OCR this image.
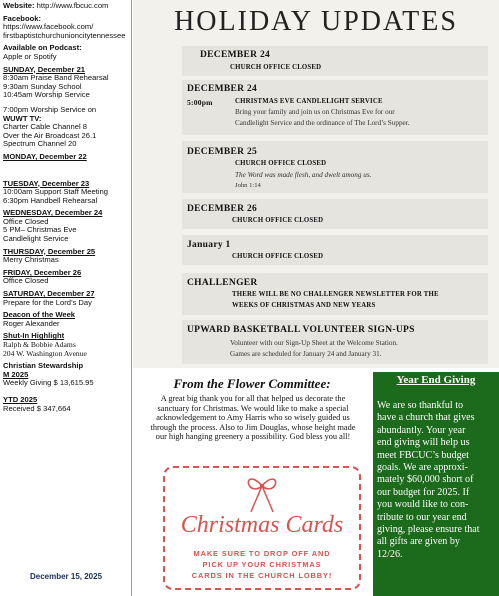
Website: http://www.fbcuc.com
Facebook:
https://www.facebook.com/
firstbaptistchurchunioncitytennessee
Available on Podcast:
Apple or Spotify
SUNDAY, December 21
8:30am Praise Band Rehearsal
9:30am Sunday School
10:45am Worship Service
7:00pm Worship Service on
WUWT TV:
Charter Cable Channel 8
Over the Air Broadcast 26.1
Spectrum Channel 20
MONDAY, December 22
TUESDAY, December 23
10:00am Support Staff Meeting
6:30pm Handbell Rehearsal
WEDNESDAY, December 24
Office Closed
5 PM– Christmas Eve
Candlelight Service
THURSDAY, December 25
Merry Christmas
FRIDAY, December 26
Office Closed
SATURDAY, December 27
Prepare for the Lord’s Day
Deacon of the Week
Roger Alexander
Shut-In Highlight
Ralph & Bobbie Adams
204 W. Washington Avenue
Christian Stewardship
M 2025
Weekly Giving $ 13,615.95
YTD 2025
Received $ 347,664
December 15, 2025
HOLIDAY UPDATES
DECEMBER 24
CHURCH OFFICE CLOSED
DECEMBER 24
5:00pm	CHRISTMAS EVE CANDLELIGHT SERVICE
Bring your family and join us on Christmas Eve for our
Candlelight Service and the ordinance of The Lord’s Supper.
DECEMBER 25
CHURCH OFFICE CLOSED
The Word was made flesh, and dwelt among us.
John 1:14
DECEMBER 26
CHURCH OFFICE CLOSED
January 1
CHURCH OFFICE CLOSED
CHALLENGER
THERE WILL BE NO CHALLENGER NEWSLETTER FOR THE
WEEKS OF CHRISTMAS AND NEW YEARS
UPWARD BASKETBALL VOLUNTEER SIGN-UPS
Volunteer with our Sign-Up Sheet at the Welcome Station.
Games are scheduled for January 24 and January 31.
From the Flower Committee:
A great big thank you for all that helped us decorate the
sanctuary for Christmas. We would like to make a special
acknowledgement to Amy Harris who so wisely guided us
through the process. Also to Jim Douglas, whose height made
our high hanging greenery a possibility. God bless you all!
Christmas Cards
MAKE SURE TO DROP OFF AND
PICK UP YOUR CHRISTMAS
CARDS IN THE CHURCH LOBBY!
Year End Giving
We are so thankful to
have a church that gives
abundantly. Your year
end giving will help us
meet FBCUC’s budget
goals. We are approxi-
mately $60,000 short of
our budget for 2025. If
you would like to con-
tribute to our year end
giving, please ensure that
all gifts are given by
12/26.
